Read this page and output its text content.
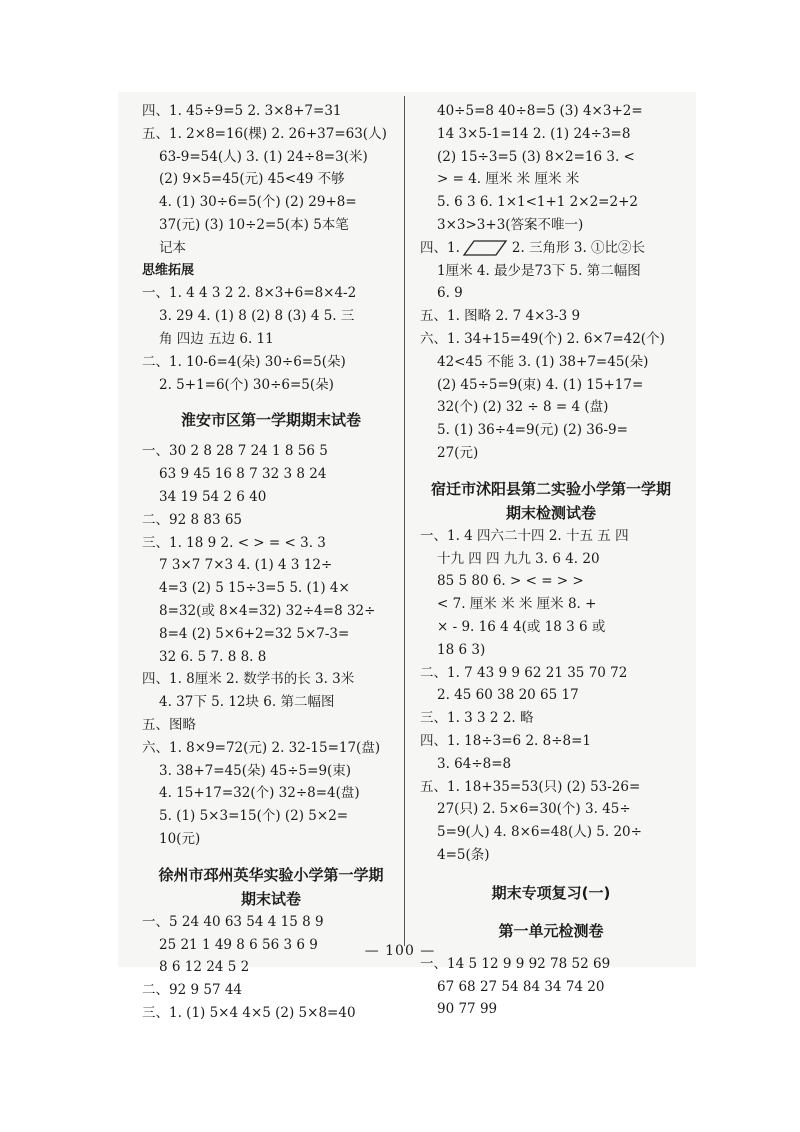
四、1. 45÷9=5 2. 3×8+7=31
五、1. 2×8=16(棵) 2. 26+37=63(人)
63-9=54(人) 3. (1) 24÷8=3(米)
(2) 9×5=45(元) 45<49 不够
4. (1) 30÷6=5(个) (2) 29+8=
37(元) (3) 10÷2=5(本) 5本笔
记本
思维拓展
一、1. 4 4 3 2 2. 8×3+6=8×4-2
3. 29 4. (1) 8 (2) 8 (3) 4 5. 三
角 四边 五边 6. 11
二、1. 10-6=4(朵) 30÷6=5(朵)
2. 5+1=6(个) 30÷6=5(朵)
淮安市区第一学期期末试卷
一、30 2 8 28 7 24 1 8 56 5
63 9 45 16 8 7 32 3 8 24
34 19 54 2 6 40
二、92 8 83 65
三、1. 18 9 2. < > = < 3. 3
7 3×7 7×3 4. (1) 4 3 12÷
4=3 (2) 5 15÷3=5 5. (1) 4×
8=32(或 8×4=32) 32÷4=8 32÷
8=4 (2) 5×6+2=32 5×7-3=
32 6. 5 7. 8 8. 8
四、1. 8厘米 2. 数学书的长 3. 3米
4. 37下 5. 12块 6. 第二幅图
五、图略
六、1. 8×9=72(元) 2. 32-15=17(盘)
3. 38+7=45(朵) 45÷5=9(束)
4. 15+17=32(个) 32÷8=4(盘)
5. (1) 5×3=15(个) (2) 5×2=
10(元)
徐州市邳州英华实验小学第一学期
期末试卷
一、5 24 40 63 54 4 15 8 9
25 21 1 49 8 6 56 3 6 9
8 6 12 24 5 2
二、92 9 57 44
三、1. (1) 5×4 4×5 (2) 5×8=40
40÷5=8 40÷8=5 (3) 4×3+2=
14 3×5-1=14 2. (1) 24÷3=8
(2) 15÷3=5 (3) 8×2=16 3. <
> = 4. 厘米 米 厘米 米
5. 6 3 6. 1×1<1+1 2×2=2+2
3×3>3+3(答案不唯一)
四、1.	2. 三角形 3. ①比②长
1厘米 4. 最少是73下 5. 第二幅图
6. 9
五、1. 图略 2. 7 4×3-3 9
六、1. 34+15=49(个) 2. 6×7=42(个)
42<45 不能 3. (1) 38+7=45(朵)
(2) 45÷5=9(束) 4. (1) 15+17=
32(个) (2) 32 ÷ 8 = 4 (盘)
5. (1) 36÷4=9(元) (2) 36-9=
27(元)
宿迁市沭阳县第二实验小学第一学期
期末检测试卷
一、1. 4 四六二十四 2. 十五 五 四
十九 四 四 九九 3. 6 4. 20
85 5 80 6. > < = > >
< 7. 厘米 米 米 厘米 8. +
× - 9. 16 4 4(或 18 3 6 或
18 6 3)
二、1. 7 43 9 9 62 21 35 70 72
2. 45 60 38 20 65 17
三、1. 3 3 2 2. 略
四、1. 18÷3=6 2. 8÷8=1
3. 64÷8=8
五、1. 18+35=53(只) (2) 53-26=
27(只) 2. 5×6=30(个) 3. 45÷
5=9(人) 4. 8×6=48(人) 5. 20÷
4=5(条)
期末专项复习(一)
第一单元检测卷
一、14 5 12 9 9 92 78 52 69
67 68 27 54 84 34 74 20
90 77 99
— 100 —
